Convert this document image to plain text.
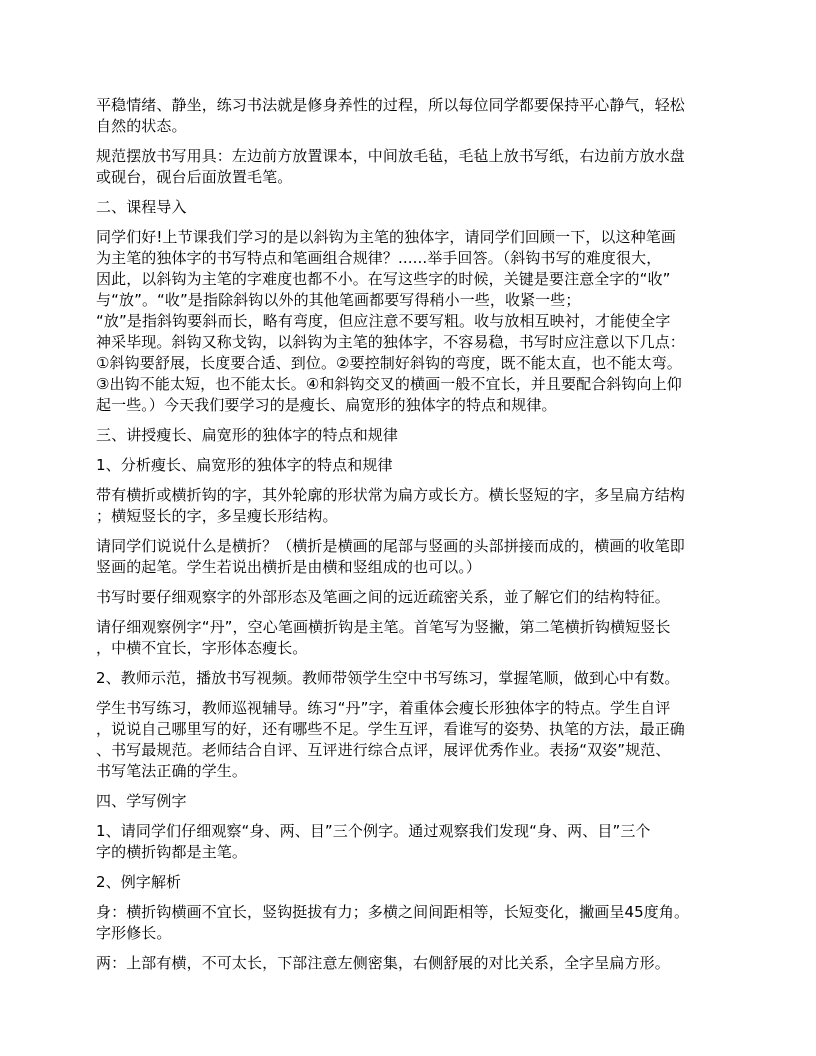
平稳情绪、静坐，练习书法就是修身养性的过程，所以每位同学都要保持平心静气，轻松
自然的状态。

规范摆放书写用具：左边前方放置课本，中间放毛毡，毛毡上放书写纸，右边前方放水盘
或砚台，砚台后面放置毛笔。

二、课程导入

同学们好!上节课我们学习的是以斜钩为主笔的独体字，请同学们回顾一下，以这种笔画
为主笔的独体字的书写特点和笔画组合规律？......举手回答。（斜钩书写的难度很大，
因此，以斜钩为主笔的字难度也都不小。在写这些字的时候，关键是要注意全字的“收”
与“放”。“收”是指除斜钩以外的其他笔画都要写得稍小一些，收紧一些；
“放”是指斜钩要斜而长，略有弯度，但应注意不要写粗。收与放相互映衬，才能使全字
神采毕现。斜钩又称戈钩，以斜钩为主笔的独体字，不容易稳，书写时应注意以下几点：
①斜钩要舒展，长度要合适、到位。②要控制好斜钩的弯度，既不能太直，也不能太弯。
③出钩不能太短，也不能太长。④和斜钩交叉的横画一般不宜长，并且要配合斜钩向上仰
起一些。）今天我们要学习的是瘦长、扁宽形的独体字的特点和规律。

三、讲授瘦长、扁宽形的独体字的特点和规律

1、分析瘦长、扁宽形的独体字的特点和规律

带有横折或横折钩的字，其外轮廓的形状常为扁方或长方。横长竖短的字，多呈扁方结构
；横短竖长的字，多呈瘦长形结构。

请同学们说说什么是横折？（横折是横画的尾部与竖画的头部拼接而成的，横画的收笔即
竖画的起笔。学生若说出横折是由横和竖组成的也可以。）

书写时要仔细观察字的外部形态及笔画之间的远近疏密关系，並了解它们的结构特征。

请仔细观察例字“丹”，空心笔画横折钩是主笔。首笔写为竖撇，第二笔横折钩横短竖长
，中横不宜长，字形体态瘦长。

2、教师示范，播放书写视频。教师带领学生空中书写练习，掌握笔顺，做到心中有数。

学生书写练习，教师巡视辅导。练习“丹”字，着重体会瘦长形独体字的特点。学生自评
，说说自己哪里写的好，还有哪些不足。学生互评，看谁写的姿势、执笔的方法，最正确
、书写最规范。老师结合自评、互评进行综合点评，展评优秀作业。表扬“双姿”规范、
书写笔法正确的学生。

四、学写例字

1、请同学们仔细观察“身、两、目”三个例字。通过观察我们发现“身、两、目”三个
字的横折钩都是主笔。

2、例字解析

身：横折钩横画不宜长，竖钩挺拔有力；多横之间间距相等，长短变化，撇画呈45度角。
字形修长。

两：上部有横，不可太长，下部注意左侧密集，右侧舒展的对比关系，全字呈扁方形。
